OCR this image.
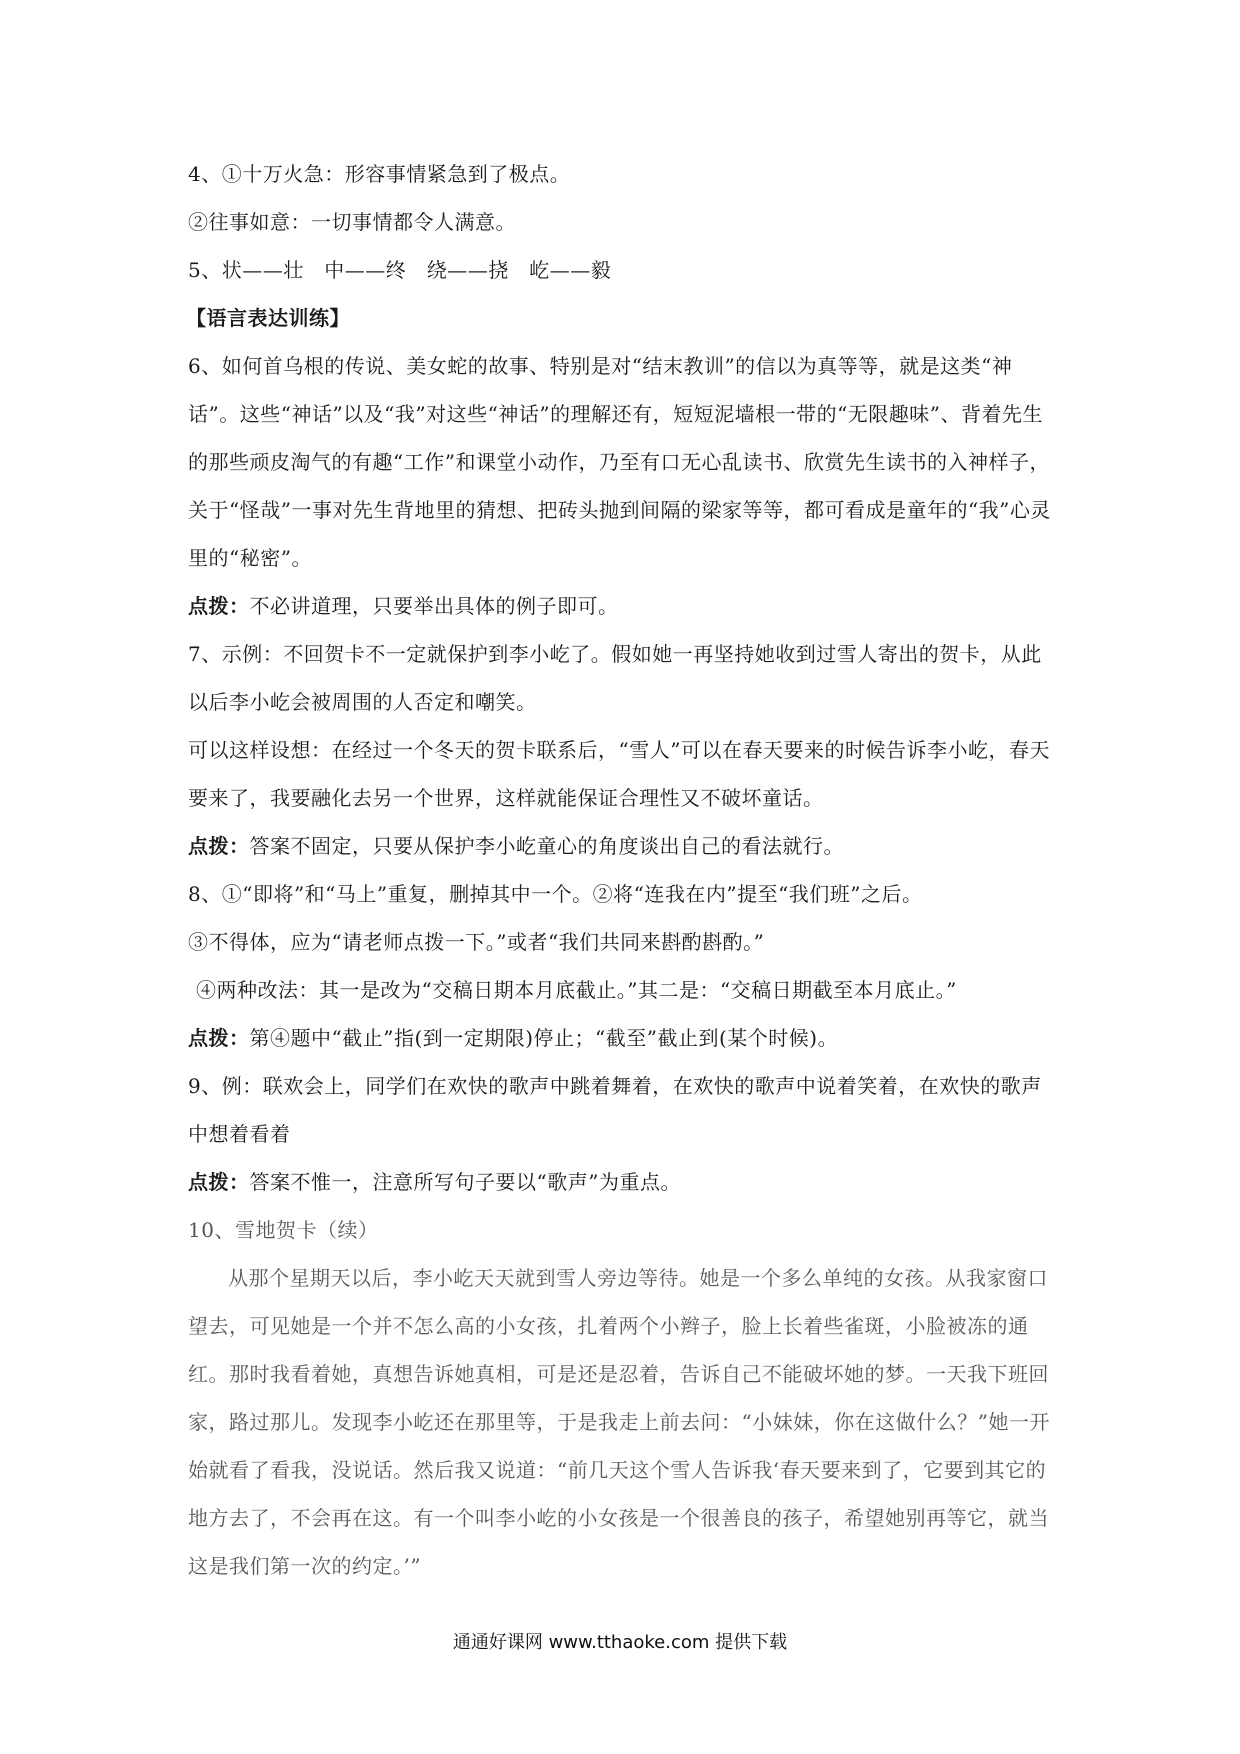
4、①十万火急：形容事情紧急到了极点。
②往事如意：一切事情都令人满意。
5、状——壮　中——终　绕——挠　屹——毅
【语言表达训练】
6、如何首乌根的传说、美女蛇的故事、特别是对“结末教训”的信以为真等等，就是这类“神话”。这些“神话”以及“我”对这些“神话”的理解还有，短短泥墙根一带的“无限趣味”、背着先生的那些顽皮淘气的有趣“工作”和课堂小动作，乃至有口无心乱读书、欣赏先生读书的入神样子，关于“怪哉”一事对先生背地里的猜想、把砖头抛到间隔的梁家等等，都可看成是童年的“我”心灵里的“秘密”。
点拨：不必讲道理，只要举出具体的例子即可。
7、示例：不回贺卡不一定就保护到李小屹了。假如她一再坚持她收到过雪人寄出的贺卡，从此以后李小屹会被周围的人否定和嘲笑。
可以这样设想：在经过一个冬天的贺卡联系后，“雪人”可以在春天要来的时候告诉李小屹，春天要来了，我要融化去另一个世界，这样就能保证合理性又不破坏童话。
点拨：答案不固定，只要从保护李小屹童心的角度谈出自己的看法就行。
8、①“即将”和“马上”重复，删掉其中一个。②将“连我在内”提至“我们班”之后。
③不得体，应为“请老师点拨一下。”或者“我们共同来斟酌斟酌。”
④两种改法：其一是改为“交稿日期本月底截止。”其二是：“交稿日期截至本月底止。”
点拨：第④题中“截止”指(到一定期限)停止；“截至”截止到(某个时候)。
9、例：联欢会上，同学们在欢快的歌声中跳着舞着，在欢快的歌声中说着笑着，在欢快的歌声中想着看着
点拨：答案不惟一，注意所写句子要以“歌声”为重点。
10、雪地贺卡（续）
从那个星期天以后，李小屹天天就到雪人旁边等待。她是一个多么单纯的女孩。从我家窗口望去，可见她是一个并不怎么高的小女孩，扎着两个小辫子，脸上长着些雀斑，小脸被冻的通红。那时我看着她，真想告诉她真相，可是还是忍着，告诉自己不能破坏她的梦。一天我下班回家，路过那儿。发现李小屹还在那里等，于是我走上前去问：“小妹妹，你在这做什么？”她一开始就看了看我，没说话。然后我又说道：“前几天这个雪人告诉我‘春天要来到了，它要到其它的地方去了，不会再在这。有一个叫李小屹的小女孩是一个很善良的孩子，希望她别再等它，就当这是我们第一次的约定。’”
通通好课网 www.tthaoke.com 提供下载
